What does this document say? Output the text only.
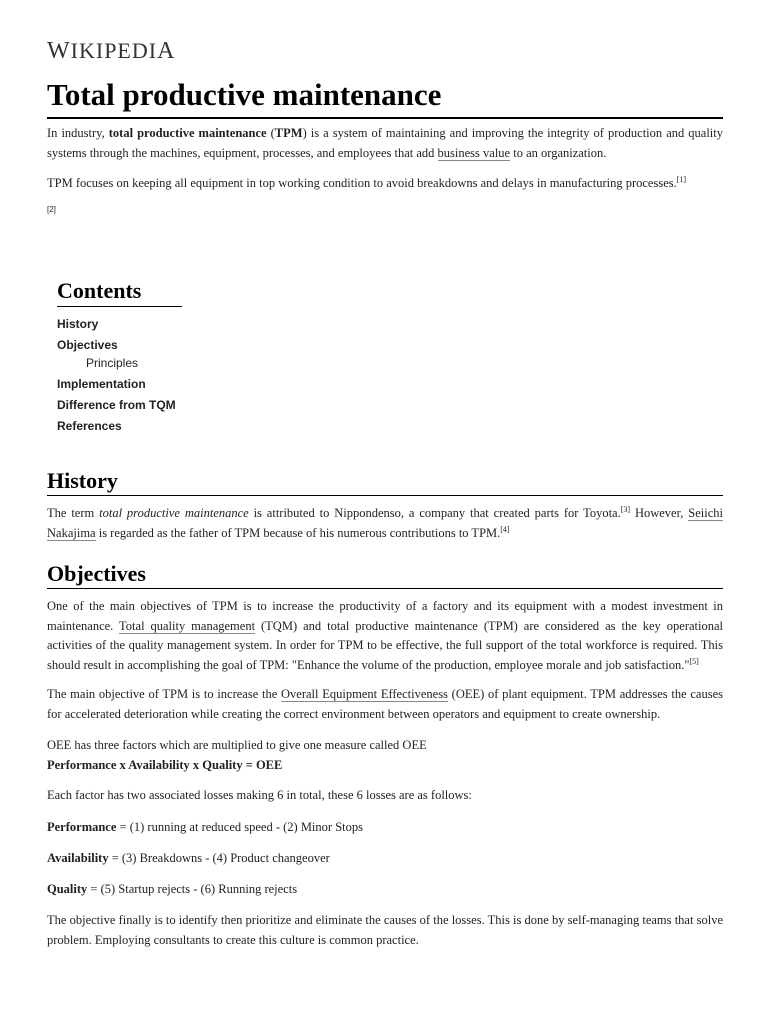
WIKIPEDIA
Total productive maintenance

In industry, total productive maintenance (TPM) is a system of maintaining and improving the integrity of production and quality systems through the machines, equipment, processes, and employees that add business value to an organization.

TPM focuses on keeping all equipment in top working condition to avoid breakdowns and delays in manufacturing processes.[1]

[2]
Contents
History
Objectives
Principles
Implementation
Difference from TQM
References
History

The term total productive maintenance is attributed to Nippondenso, a company that created parts for Toyota.[3] However, Seiichi Nakajima is regarded as the father of TPM because of his numerous contributions to TPM.[4]

Objectives

One of the main objectives of TPM is to increase the productivity of a factory and its equipment with a modest investment in maintenance. Total quality management (TQM) and total productive maintenance (TPM) are considered as the key operational activities of the quality management system. In order for TPM to be effective, the full support of the total workforce is required. This should result in accomplishing the goal of TPM: "Enhance the volume of the production, employee morale and job satisfaction."[5]

The main objective of TPM is to increase the Overall Equipment Effectiveness (OEE) of plant equipment. TPM addresses the causes for accelerated deterioration while creating the correct environment between operators and equipment to create ownership.

OEE has three factors which are multiplied to give one measure called OEE
Performance x Availability x Quality = OEE

Each factor has two associated losses making 6 in total, these 6 losses are as follows:

Performance = (1) running at reduced speed - (2) Minor Stops

Availability = (3) Breakdowns - (4) Product changeover

Quality = (5) Startup rejects - (6) Running rejects

The objective finally is to identify then prioritize and eliminate the causes of the losses. This is done by self-managing teams that solve problem. Employing consultants to create this culture is common practice.
